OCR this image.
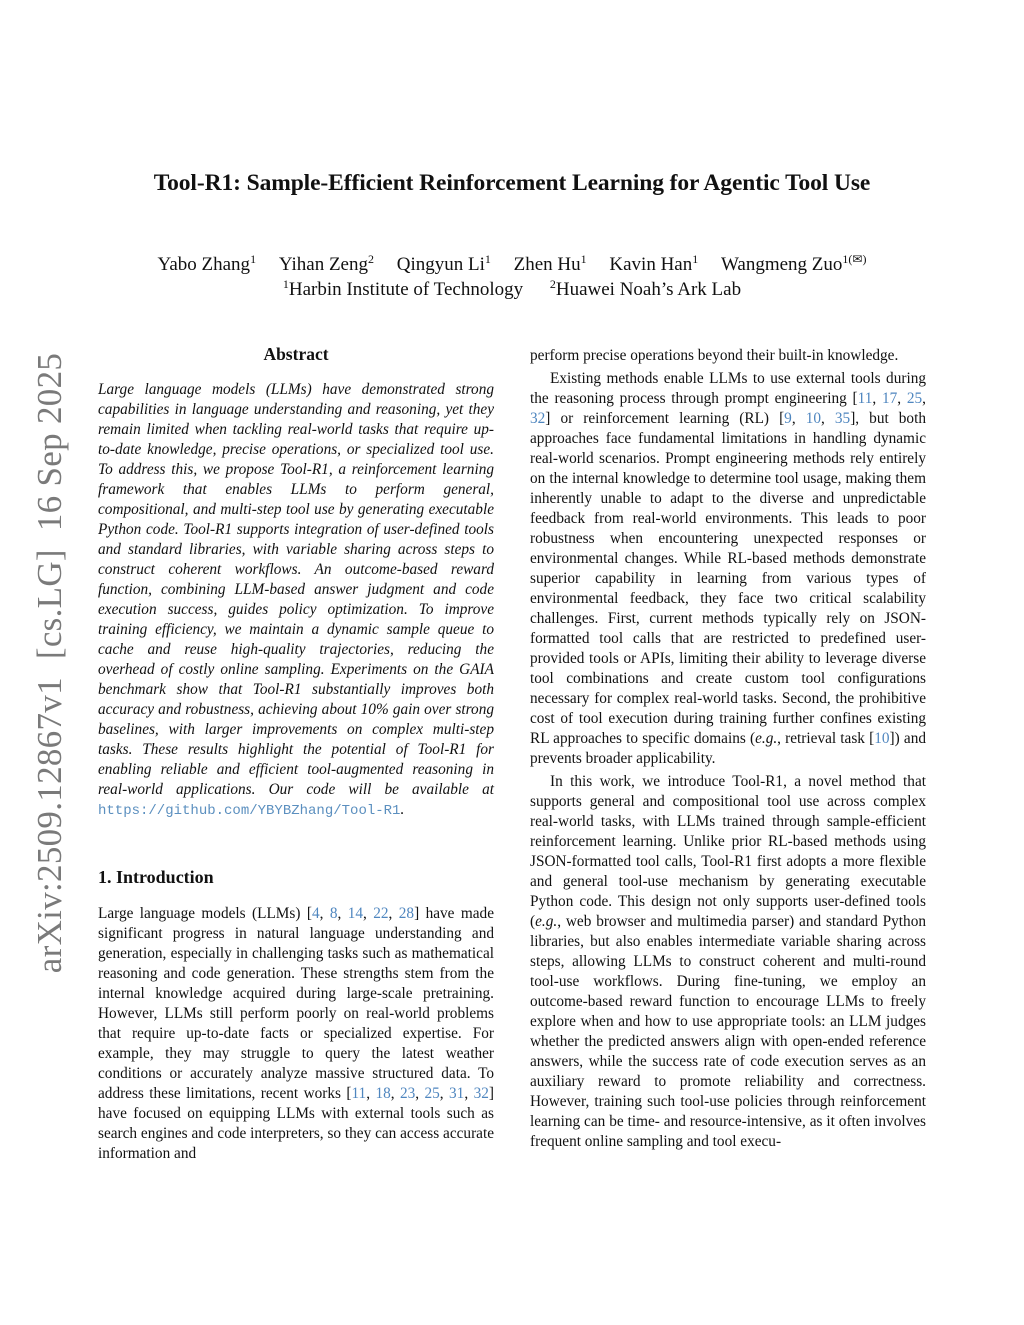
Tool-R1: Sample-Efficient Reinforcement Learning for Agentic Tool Use
Yabo Zhang$^1$ Yihan Zeng$^2$ Qingyun Li$^1$ Zhen Hu$^1$ Kavin Han$^1$ Wangmeng Zuo$^{1(✉)}$
$^1$Harbin Institute of Technology $^2$Huawei Noah’s Ark Lab
arXiv:2509.12867v1[cs.LG]16 Sep 2025	Abstract

Large language models (LLMs) have demonstrated strong capabilities in language understanding and reasoning, yet they remain limited when tackling real-world tasks that require up-to-date knowledge, precise operations, or specialized tool use. To address this, we propose Tool-R1, a reinforcement learning framework that enables LLMs to perform general, compositional, and multi-step tool use by generating executable Python code. Tool-R1 supports integration of user-defined tools and standard libraries, with variable sharing across steps to construct coherent workflows. An outcome-based reward function, combining LLM-based answer judgment and code execution success, guides policy optimization. To improve training efficiency, we maintain a dynamic sample queue to cache and reuse high-quality trajectories, reducing the overhead of costly online sampling. Experiments on the GAIA benchmark show that Tool-R1 substantially improves both accuracy and robustness, achieving about 10% gain over strong baselines, with larger improvements on complex multi-step tasks. These results highlight the potential of Tool-R1 for enabling reliable and efficient tool-augmented reasoning in real-world applications. Our code will be available at https://github.com/YBYBZhang/Tool-R1.

1. Introduction

Large language models (LLMs) [4, 8, 14, 22, 28] have made significant progress in natural language understanding and generation, especially in challenging tasks such as mathematical reasoning and code generation. These strengths stem from the internal knowledge acquired during large-scale pretraining. However, LLMs still perform poorly on real-world problems that require up-to-date facts or specialized expertise. For example, they may struggle to query the latest weather conditions or accurately analyze massive structured data. To address these limitations, recent works [11, 18, 23, 25, 31, 32] have focused on equipping LLMs with external tools such as search engines and code interpreters, so they can access accurate information and

perform precise operations beyond their built-in knowledge.

Existing methods enable LLMs to use external tools during the reasoning process through prompt engineering [11, 17, 25, 32] or reinforcement learning (RL) [9, 10, 35], but both approaches face fundamental limitations in handling dynamic real-world scenarios. Prompt engineering methods rely entirely on the internal knowledge to determine tool usage, making them inherently unable to adapt to the diverse and unpredictable feedback from real-world environments. This leads to poor robustness when encountering unexpected responses or environmental changes. While RL-based methods demonstrate superior capability in learning from various types of environmental feedback, they face two critical scalability challenges. First, current methods typically rely on JSON-formatted tool calls that are restricted to predefined user-provided tools or APIs, limiting their ability to leverage diverse tool combinations and create custom tool configurations necessary for complex real-world tasks. Second, the prohibitive cost of tool execution during training further confines existing RL approaches to specific domains (e.g., retrieval task [10]) and prevents broader applicability.

In this work, we introduce Tool-R1, a novel method that supports general and compositional tool use across complex real-world tasks, with LLMs trained through sample-efficient reinforcement learning. Unlike prior RL-based methods using JSON-formatted tool calls, Tool-R1 first adopts a more flexible and general tool-use mechanism by generating executable Python code. This design not only supports user-defined tools (e.g., web browser and multimedia parser) and standard Python libraries, but also enables intermediate variable sharing across steps, allowing LLMs to construct coherent and multi-round tool-use workflows. During fine-tuning, we employ an outcome-based reward function to encourage LLMs to freely explore when and how to use appropriate tools: an LLM judges whether the predicted answers align with open-ended reference answers, while the success rate of code execution serves as an auxiliary reward to promote reliability and correctness. However, training such tool-use policies through reinforcement learning can be time- and resource-intensive, as it often involves frequent online sampling and tool execu-
